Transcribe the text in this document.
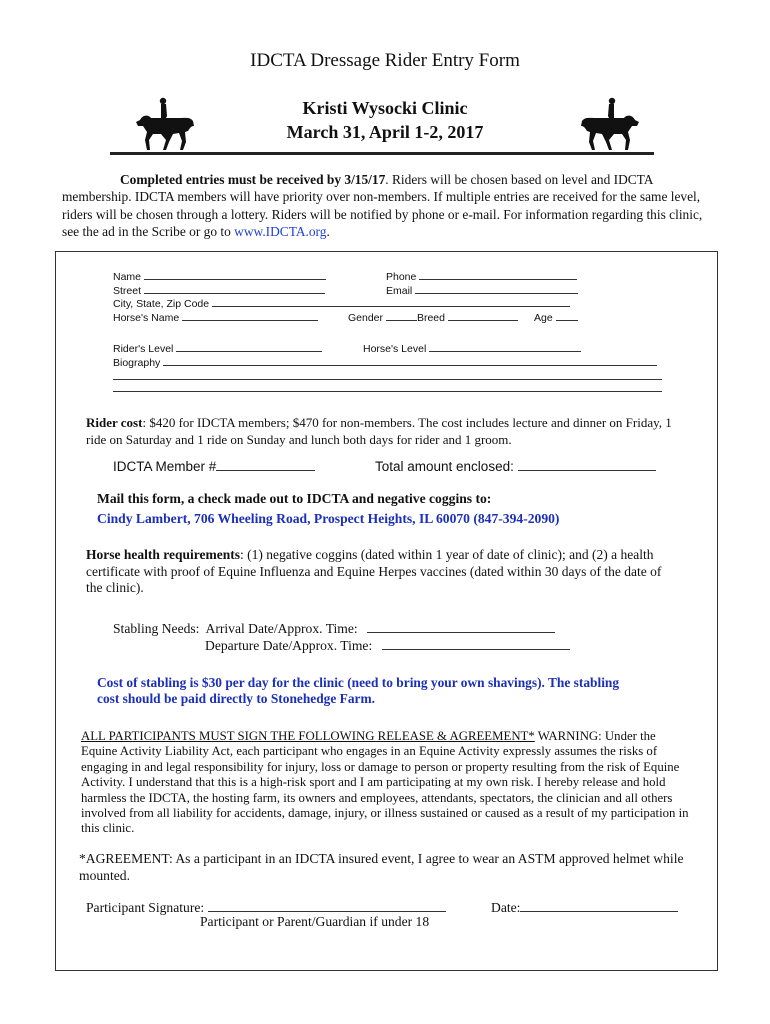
IDCTA Dressage Rider Entry Form
Kristi Wysocki Clinic
March 31, April 1-2, 2017
Completed entries must be received by 3/15/17. Riders will be chosen based on level and IDCTA membership. IDCTA members will have priority over non-members. If multiple entries are received for the same level, riders will be chosen through a lottery. Riders will be notified by phone or e-mail. For information regarding this clinic, see the ad in the Scribe or go to www.IDCTA.org.
Name	Phone
Street	Email
City, State, Zip Code
Horse's Name	Gender	Breed	Age
Rider's Level	Horse's Level
Biography
Rider cost: $420 for IDCTA members; $470 for non-members. The cost includes lecture and dinner on Friday, 1 ride on Saturday and 1 ride on Sunday and lunch both days for rider and 1 groom.
IDCTA Member #	Total amount enclosed:
Mail this form, a check made out to IDCTA and negative coggins to:
Cindy Lambert, 706 Wheeling Road, Prospect Heights, IL 60070 (847-394-2090)
Horse health requirements: (1) negative coggins (dated within 1 year of date of clinic); and (2) a health certificate with proof of Equine Influenza and Equine Herpes vaccines (dated within 30 days of the date of the clinic).
Stabling Needs: Arrival Date/Approx. Time:
Departure Date/Approx. Time:
Cost of stabling is $30 per day for the clinic (need to bring your own shavings). The stabling
cost should be paid directly to Stonehedge Farm.
ALL PARTICIPANTS MUST SIGN THE FOLLOWING RELEASE & AGREEMENT* WARNING: Under the Equine Activity Liability Act, each participant who engages in an Equine Activity expressly assumes the risks of engaging in and legal responsibility for injury, loss or damage to person or property resulting from the risk of Equine Activity. I understand that this is a high-risk sport and I am participating at my own risk. I hereby release and hold harmless the IDCTA, the hosting farm, its owners and employees, attendants, spectators, the clinician and all others involved from all liability for accidents, damage, injury, or illness sustained or caused as a result of my participation in this clinic.
*AGREEMENT: As a participant in an IDCTA insured event, I agree to wear an ASTM approved helmet while mounted.
Participant Signature:	Date:
Participant or Parent/Guardian if under 18
